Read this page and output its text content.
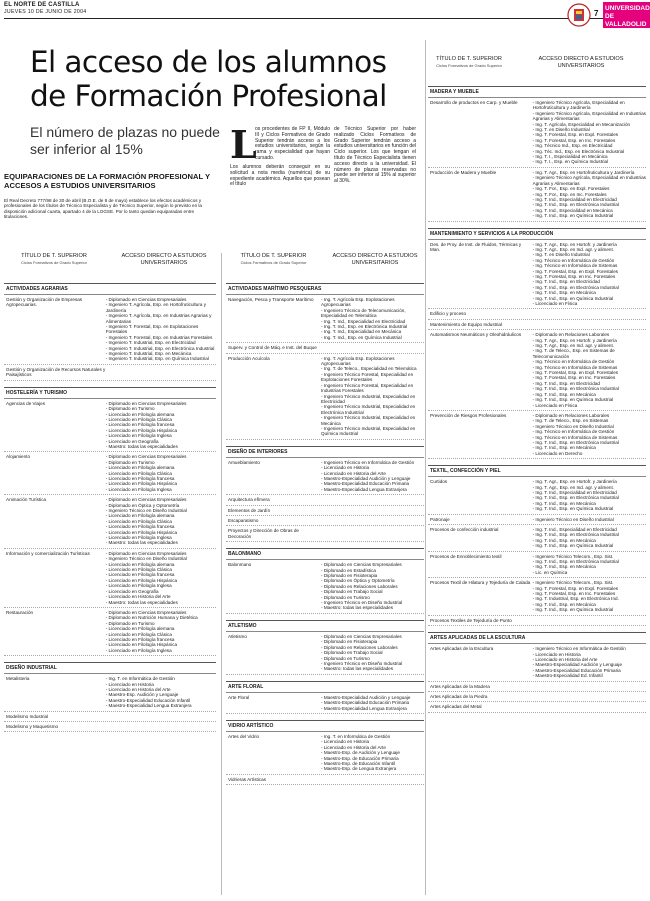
EL NORTE DE CASTILLA
JUEVES 10 DE JUNIO DE 2004	7
UNIVERSIDAD DE VALLADOLID
El acceso de los alumnos de Formación Profesional
El número de plazas no puede ser inferior al 15%
EQUIPARACIONES DE LA FORMACIÓN PROFESIONAL Y ACCESOS A ESTUDIOS UNIVERSITARIOS
El Real Decreto 777/98 de 30 de abril (B.O.E. de 8 de mayo) establece los efectos académicos y profesionales de los títulos de Técnico Especialista y de Técnico Superior, según lo previsto en la disposición adicional cuarta, apartado 4 de la LOGSE. Por lo tanto quedan equiparadas entre titulaciones.
L
os procedentes de FP II, Módulo III y Ciclos Formativos de Grado Superior tendrán acceso a los estudios universitarios, según la rama y especialidad que hayan cursado.
Los alumnos deberán conseguir en su solicitud a nota media (numérica) de su expediente académico. Aquellos que posean el título
de Técnico Superior por haber realizado Ciclos Formativos de Grado Superior tendrán acceso a estudios universitarios en función del Ciclo superior. Los que tengan el título de Técnico Especialista tienen acceso directo a la universidad. El número de plazas reservadas no puede ser inferior al 15% al superior al 30%.
TÍTULO DE T. SUPERIOR
Ciclos Formativos de Grado Superior
ACCESO DIRECTO A ESTUDIOS UNIVERSITARIOS
TÍTULO DE T. SUPERIOR
Ciclos Formativos de Grado Superior
ACCESO DIRECTO A ESTUDIOS UNIVERSITARIOS
TÍTULO DE T. SUPERIOR
Ciclos Formativos de Grado Superior
ACCESO DIRECTO A ESTUDIOS UNIVERSITARIOS
ACTIVIDADES AGRARIAS
Gestión y Organización de Empresas Agropecuarias.
- Diplomado en Ciencias Empresariales
- Ingeniero T. Agrícola, Esp. en Hortofruticultura y Jardinería
- Ingeniero T. Agrícola, Esp. en Industrias Agrarias y Alimentarias
- Ingeniero T. Forestal, Esp. en Explotaciones Forestales
- Ingeniero T. Forestal, Esp. en Industrias Forestales
- Ingeniero T. Industrial, Esp. en Electricidad
- Ingeniero T. Industrial, Esp. en Electrónica Industrial
- Ingeniero T. Industrial, Esp. en Mecánica
- Ingeniero T. Industrial, Esp. en Química Industrial
Gestión y Organización de Recursos Naturales y Paisajísticos
HOSTELERÍA Y TURISMO
Agencias de Viajes	- Diplomado en Ciencias Empresariales
- Diplomado en Turismo
- Licenciado en Filología alemana
- Licenciado en Filología Clásica
- Licenciado en Filología francesa
- Licenciado en Filología Hispánica
- Licenciado en Filología Inglesa
- Licenciado en Geografía
- Maestro: todas las especialidades
Alojamiento	- Diplomado en Ciencias Empresariales
- Diplomado en Turismo
- Licenciado en Filología alemana
- Licenciado en Filología Clásica
- Licenciado en Filología francesa
- Licenciado en Filología Hispánica
- Licenciado en Filología Inglesa
Animación Turística	- Diplomado en Ciencias Empresariales
- Diplomado en Óptica y Optometría
- Ingeniero Técnico en Diseño Industrial
- Licenciado en Filología alemana
- Licenciado en Filología Clásica
- Licenciado en Filología francesa
- Licenciado en Filología Hispánica
- Licenciado en Filología Inglesa
- Maestro: todas las especialidades
Información y comercialización Turísticas	- Diplomado en Ciencias Empresariales
- Ingeniero Técnico en Diseño Industrial
- Licenciado en Filología alemana
- Licenciado en Filología Clásica
- Licenciado en Filología francesa
- Licenciado en Filología Hispánica
- Licenciado en Filología Inglesa
- Licenciado en Geografía
- Licenciado en Historia del Arte
- Maestro: todas las especialidades
Restauración	- Diplomado en Ciencias Empresariales
- Diplomado en Nutrición Humana y Dietética
- Diplomado en Turismo
- Licenciado en Filología alemana
- Licenciado en Filología Clásica
- Licenciado en Filología francesa
- Licenciado en Filología Hispánica
- Licenciado en Filología Inglesa
DISEÑO INDUSTRIAL
Metalisteria	- Ing. T. en Informática de Gestión
- Licenciado en Historia
- Licenciado en Historia del Arte
- Maestro-Esp. Audición y Lenguaje
- Maestro-Especialidad Educación Infantil
- Maestro-Especialidad Lengua Extranjera
Modelismo Industrial
Modelismo y Maquetismo
ACTIVIDADES MARÍTIMO PESQUERAS
Navegación, Pesca y Transporte Marítimo	- Ing. T. Agrícola Esp. Explotaciones Agropecuarias
- Ingeniero Técnico de Telecomunicación, Especialidad en Telemática
- Ing. T. Ind., Especialidad en Electricidad
- Ing. T. Ind., Esp. en Electrónica Industrial
- Ing. T. Ind., Especialidad en Mecánica
- Ing. T. Ind., Esp. en Química Industrial
Superv. y Control de Máq. e Inst. del Buque
Producción Acuícola	- Ing. T. Agrícola Esp. Explotaciones Agropecuarias
- Ing. T. de Teleco., Especialidad en Telemática
- Ingeniero Técnico Forestal, Especialidad en Explotaciones Forestales
- Ingeniero Técnico Forestal, Especialidad en Industrias Forestales
- Ingeniero Técnico Industrial, Especialidad en Electricidad
- Ingeniero Técnico Industrial, Especialidad en Electrónica Industrial
- Ingeniero Técnico Industrial, Especialidad en Mecánica
- Ingeniero Técnico Industrial, Especialidad en Química Industrial
DISEÑO DE INTERIORES
Amueblamiento	- Ingeniero Técnico en Informática de Gestión
- Licenciado en Historia
- Licenciado en Historia del Arte
- Maestro-Especialidad Audición y Lenguaje
- Maestro-Especialidad Educación Primaria
- Maestro-Especialidad Lengua Extranjera
Arquitectura efímera
Elementos de Jardín
Escaparatismo
Proyectos y Dirección de Obras de Decoración
BALONMANO
Balonmano	- Diplomado en Ciencias Empresariales
- Diplomado en Estadística
- Diplomado en Fisioterapia
- Diplomado en Óptica y Optometría
- Diplomado en Relaciones Laborales
- Diplomado en Trabajo Social
- Diplomado en Turismo
- Ingeniero Técnico en Diseño Industrial
- Maestro: todas las especialidades
ATLETISMO
Atletismo	- Diplomado en Ciencias Empresariales
- Diplomado en Fisioterapia
- Diplomado en Relaciones Laborales
- Diplomado en Trabajo Social
- Diplomado en Turismo
- Ingeniero Técnico en Diseño Industrial
- Maestro: todas las especialidades
ARTE FLORAL
Arte Floral	- Maestro-Especialidad Audición y Lenguaje
- Maestro-Especialidad Educación Primaria
- Maestro-Especialidad Lengua Extranjera
VIDRIO ARTÍSTICO
Artes del Vidrio	- Ing. T. en Informática de Gestión
- Licenciado en Historia
- Licenciado en Historia del Arte
- Maestro-Esp. de Audición y Lenguaje
- Maestro-Esp. de Educación Primaria
- Maestro-Esp. de Educación Infantil
- Maestro-Esp. de Lengua Extranjera
Vidrieras Artísticas
MADERA Y MUEBLE
Desarrollo de productos en Carp. y Mueble	- Ingeniero Técnico Agrícola, Especialidad en Hortofruticultura y Jardinería
- Ingeniero Técnico Agrícola, Especialidad en Industrias Agrarias y Alimentarias
- Ing. T. Agrícola, Especialidad en Mecanización
- Ing. T. en Diseño Industrial
- Ing. T. Forestal, Esp. en Expl. Forestales
- Ing. T. Forestal, Esp. en Inc. Forestales
- Ing. Técnico Ind., Esp. en Electricidad
- Ing. Téc. Ind., Esp. en Electrónica Industrial
- Ing. T. I., Especialidad en Mecánica
- Ing. T. I., Esp. en Química Industrial
Producción de Madera y Mueble	- Ing. T. Agr., Esp. en Hortofruticultura y Jardinería
- Ingeniero Técnico Agrícola, Especialidad en Industrias Agrarias y Alimentarias
- Ing. T. For., Esp. en Expl. Forestales
- Ing. T. For., Esp. en Inc. Forestales
- Ing. T. Ind., Especialidad en Electricidad
- Ing. T. Ind., Esp. en Electrónica Industrial
- Ing. T. Ind., Especialidad en Mecánica
- Ing. T. Ind., Esp. en Química Industrial
MANTENIMIENTO Y SERVICIOS A LA PRODUCCIÓN
Des. de Proy. de Inst. de Fluidos, Térmicas y Man.
- Ing. T. Agr., Esp. en Hortofr. y Jardinería
- Ing. T. Agr., Esp. en Ind. agr. y aliment.
- Ing. T. en Diseño Industrial
- Ing. Técnico en Informática de Gestión
- Ing. Técnico en Informática de Sistemas
- Ing. T. Forestal, Esp. en Expl. Forestales
- Ing. T. Forestal, Esp. en Inc. Forestales
- Ing. T. Ind., Esp. en Electricidad
- Ing. T. Ind., Esp. en Electrónica Industrial
- Ing. T. Ind., Esp. en Mecánica
- Ing. T. Ind., Esp. en Química Industrial
- Licenciado en Física
Edificio y proceso
Mantenimiento de Equipo Industrial
Automatismos Neumáticos y Oleohidráulicos	- Diplomado en Relaciones Laborales
- Ing. T. Agr., Esp. en Hortofr. y Jardinería
- Ing. T. Agr., Esp. en Ind. agr. y aliment.
- Ing. T. de Teleco., Esp. en Sistemas de Telecomunicación
- Ing. Técnico en Informática de Gestión
- Ing. Técnico en Informática de Sistemas
- Ing. T. Forestal, Esp. en Expl. Forestales
- Ing. T. Forestal, Esp. en Inc. Forestales
- Ing. T. Ind., Esp. en Electricidad
- Ing. T. Ind., Esp. en Electrónica Industrial
- Ing. T. Ind., Esp. en Mecánica
- Ing. T. Ind., Esp. en Química Industrial
- Licenciado en Física
Prevención de Riesgos Profesionales	- Diplomado en Relaciones Laborales
- Ing. T. de Teleco., Esp. en Sistemas
- Ingeniero Técnico en Diseño Industrial
- Ing. Técnico en Informática de Gestión
- Ing. Técnico en Informática de Sistemas
- Ing. T. Ind., Esp. en Electrónica Industrial
- Ing. T. Ind., Esp. en Mecánica
- Licenciado en Derecho
TEXTIL, CONFECCIÓN Y PIEL
Curtidos	- Ing. T. Agr., Esp. en Hortofr. y Jardinería
- Ing. T. Agr., Esp. en Ind. agr. y aliment.
- Ing. T. Ind., Especialidad en Electricidad
- Ing. T. Ind., Esp. en Electrónica Industrial
- Ing. T. Ind., Esp. en Mecánica
- Ing. T. Ind., Esp. en Química Industrial
Patronaje	- Ingeniero Técnico en Diseño Industrial
Procesos de confección industrial	- Ing. T. Ind., Especialidad en Electricidad
- Ing. T. Ind., Esp. en Electrónica Industrial
- Ing. T. Ind., Esp. en Mecánica
- Ing. T. Ind., Esp. en Química Industrial
Procesos de Ennoblecimiento textil	- Ingeniero Técnico Telecom., Esp. Sist.
- Ing. T. Ind., Esp. en Electrónica Industrial
- Ing. T. Ind., Esp. en Mecánica
- Lic. en Química
Procesos Textil de Hilatura y Tejeduría de Calada - Ingeniero Técnico Telecom., Esp. Sist.
- Ing. T. Forestal, Esp. en Expl. Forestales
- Ing. T. Forestal, Esp. en Inc. Forestales
- Ing. T. Industrial, Esp. en Electrónica Ind.
- Ing. T. Ind., Esp. en Mecánica
- Ing. T. Ind., Esp. en Química Industrial
Procesos Textiles de Tejeduría de Punto
ARTES APLICADAS DE LA ESCULTURA
Artes Aplicadas de la Escultura	- Ingeniero Técnico en Informática de Gestión
- Licenciado en Historia
- Licenciado en Historia del Arte
- Maestro-Especialidad Audición y Lenguaje
- Maestro-Especialidad Educación Primaria
- Maestro-Especialidad Ed. Infantil
Artes Aplicadas de la Madera
Artes Aplicadas de la Piedra
Artes Aplicadas del Metal
